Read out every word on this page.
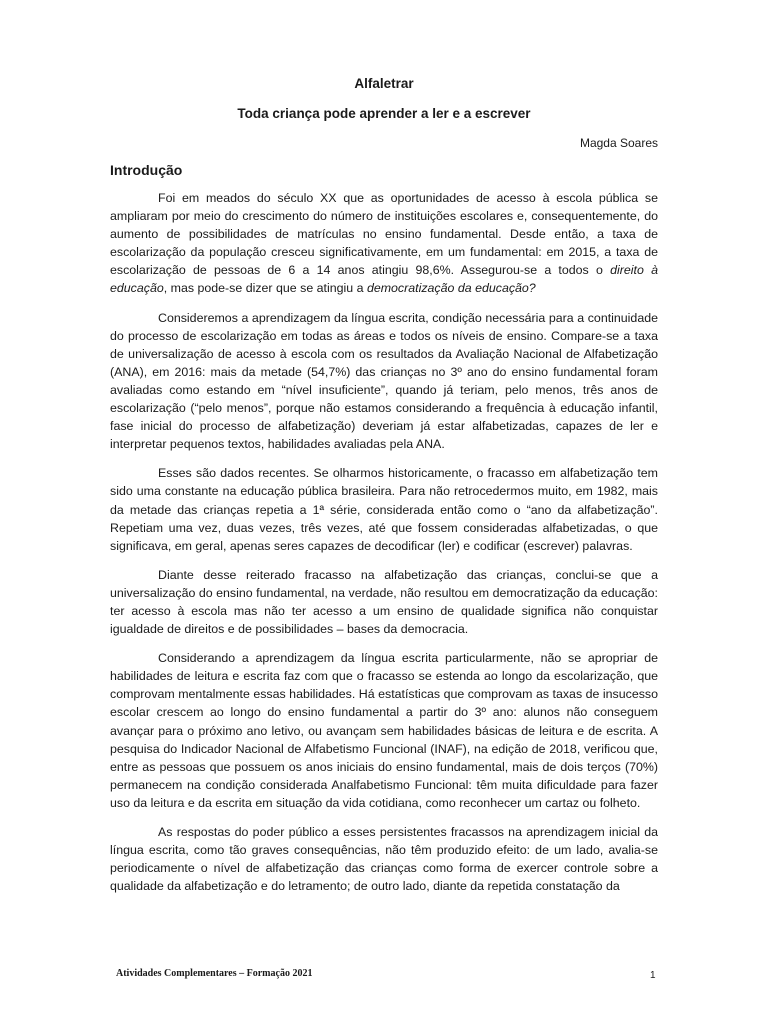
Alfaletrar
Toda criança pode aprender a ler e a escrever
Magda Soares
Introdução

Foi em meados do século XX que as oportunidades de acesso à escola pública se ampliaram por meio do crescimento do número de instituições escolares e, consequentemente, do aumento de possibilidades de matrículas no ensino fundamental. Desde então, a taxa de escolarização da população cresceu significativamente, em um fundamental: em 2015, a taxa de escolarização de pessoas de 6 a 14 anos atingiu 98,6%. Assegurou-se a todos o direito à educação, mas pode-se dizer que se atingiu a democratização da educação?

Consideremos a aprendizagem da língua escrita, condição necessária para a continuidade do processo de escolarização em todas as áreas e todos os níveis de ensino. Compare-se a taxa de universalização de acesso à escola com os resultados da Avaliação Nacional de Alfabetização (ANA), em 2016: mais da metade (54,7%) das crianças no 3º ano do ensino fundamental foram avaliadas como estando em “nível insuficiente”, quando já teriam, pelo menos, três anos de escolarização (“pelo menos”, porque não estamos considerando a frequência à educação infantil, fase inicial do processo de alfabetização) deveriam já estar alfabetizadas, capazes de ler e interpretar pequenos textos, habilidades avaliadas pela ANA.

Esses são dados recentes. Se olharmos historicamente, o fracasso em alfabetização tem sido uma constante na educação pública brasileira. Para não retrocedermos muito, em 1982, mais da metade das crianças repetia a 1ª série, considerada então como o “ano da alfabetização”. Repetiam uma vez, duas vezes, três vezes, até que fossem consideradas alfabetizadas, o que significava, em geral, apenas seres capazes de decodificar (ler) e codificar (escrever) palavras.

Diante desse reiterado fracasso na alfabetização das crianças, conclui-se que a universalização do ensino fundamental, na verdade, não resultou em democratização da educação: ter acesso à escola mas não ter acesso a um ensino de qualidade significa não conquistar igualdade de direitos e de possibilidades – bases da democracia.

Considerando a aprendizagem da língua escrita particularmente, não se apropriar de habilidades de leitura e escrita faz com que o fracasso se estenda ao longo da escolarização, que comprovam mentalmente essas habilidades. Há estatísticas que comprovam as taxas de insucesso escolar crescem ao longo do ensino fundamental a partir do 3º ano: alunos não conseguem avançar para o próximo ano letivo, ou avançam sem habilidades básicas de leitura e de escrita. A pesquisa do Indicador Nacional de Alfabetismo Funcional (INAF), na edição de 2018, verificou que, entre as pessoas que possuem os anos iniciais do ensino fundamental, mais de dois terços (70%) permanecem na condição considerada Analfabetismo Funcional: têm muita dificuldade para fazer uso da leitura e da escrita em situação da vida cotidiana, como reconhecer um cartaz ou folheto.

As respostas do poder público a esses persistentes fracassos na aprendizagem inicial da língua escrita, como tão graves consequências, não têm produzido efeito: de um lado, avalia-se periodicamente o nível de alfabetização das crianças como forma de exercer controle sobre a qualidade da alfabetização e do letramento; de outro lado, diante da repetida constatação da

Atividades Complementares – Formação 2021	1
